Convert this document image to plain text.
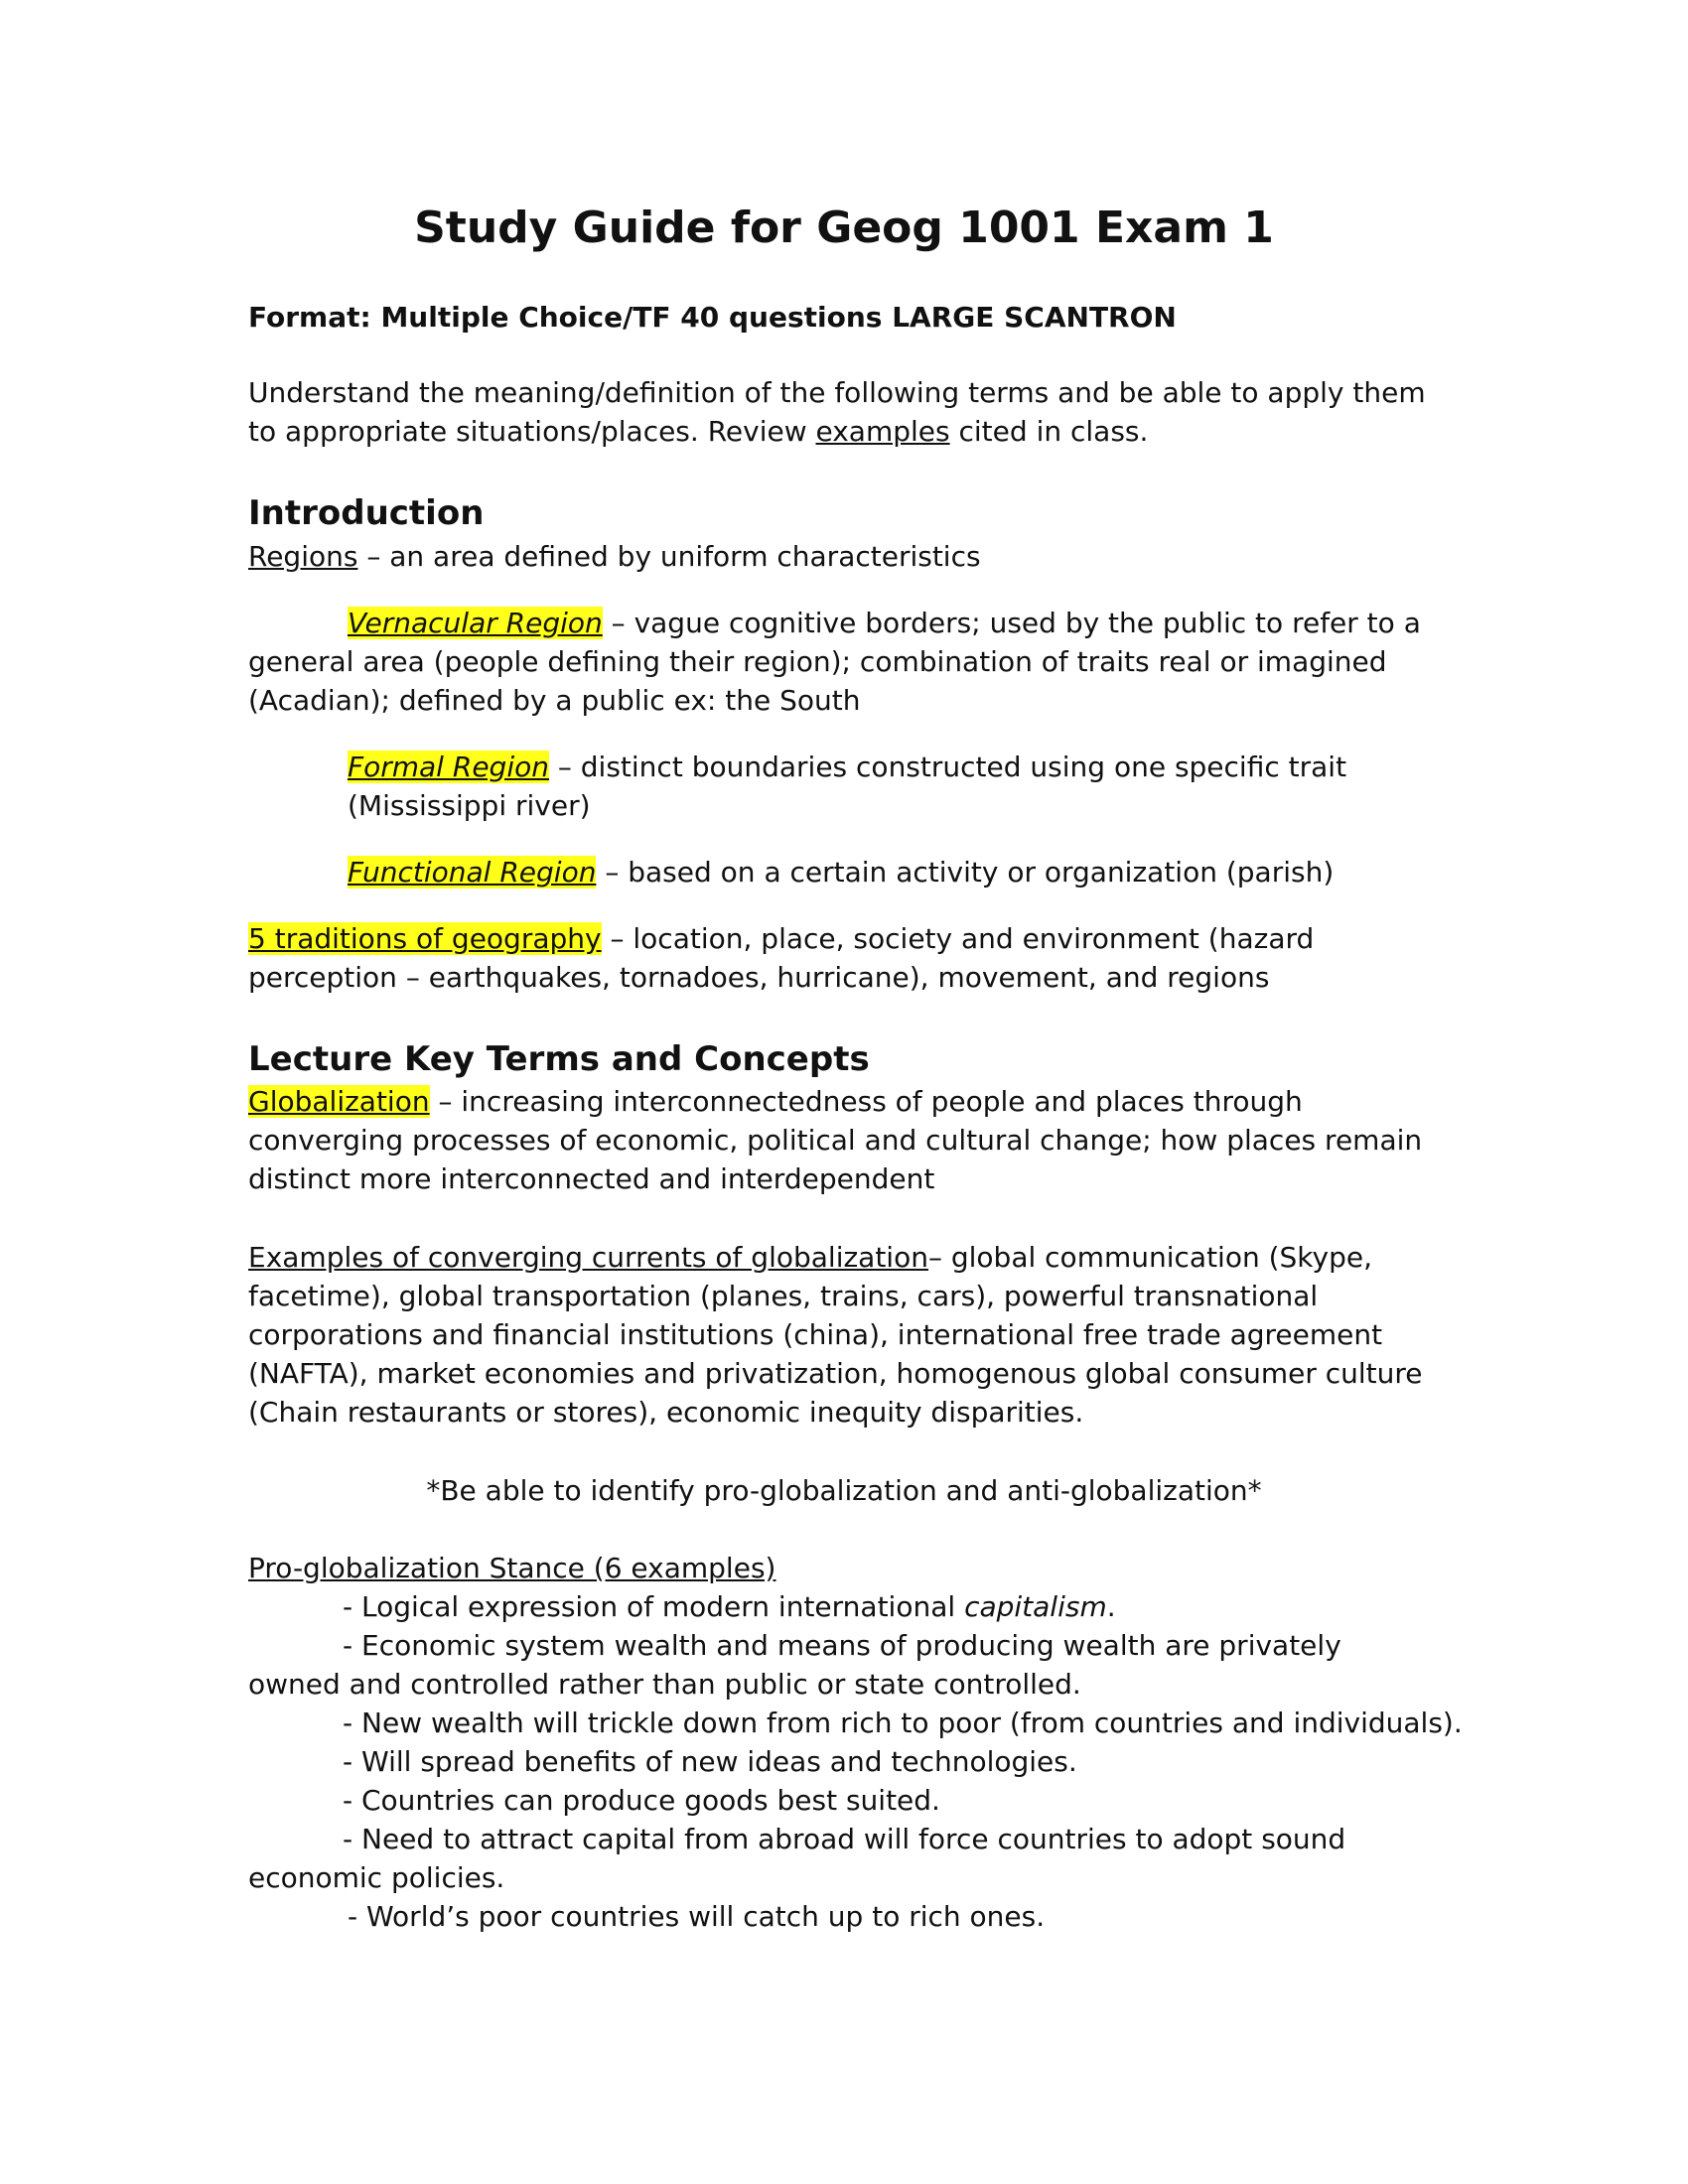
Study Guide for Geog 1001 Exam 1

Format: Multiple Choice/TF 40 questions LARGE SCANTRON

Understand the meaning/definition of the following terms and be able to apply them to appropriate situations/places. Review examples cited in class.

Introduction

Regions – an area defined by uniform characteristics

Vernacular Region – vague cognitive borders; used by the public to refer to a general area (people defining their region); combination of traits real or imagined (Acadian); defined by a public ex: the South

Formal Region – distinct boundaries constructed using one specific trait (Mississippi river)

Functional Region – based on a certain activity or organization (parish)

5 traditions of geography – location, place, society and environment (hazard perception – earthquakes, tornadoes, hurricane), movement, and regions

Lecture Key Terms and Concepts

Globalization – increasing interconnectedness of people and places through converging processes of economic, political and cultural change; how places remain distinct more interconnected and interdependent

Examples of converging currents of globalization– global communication (Skype, facetime), global transportation (planes, trains, cars), powerful transnational corporations and financial institutions (china), international free trade agreement (NAFTA), market economies and privatization, homogenous global consumer culture (Chain restaurants or stores), economic inequity disparities.

*Be able to identify pro-globalization and anti-globalization*

Pro-globalization Stance (6 examples)

- Logical expression of modern international capitalism.

- Economic system wealth and means of producing wealth are privately owned and controlled rather than public or state controlled.

- New wealth will trickle down from rich to poor (from countries and individuals).

- Will spread benefits of new ideas and technologies.

- Countries can produce goods best suited.

- Need to attract capital from abroad will force countries to adopt sound economic policies.

- World’s poor countries will catch up to rich ones.
